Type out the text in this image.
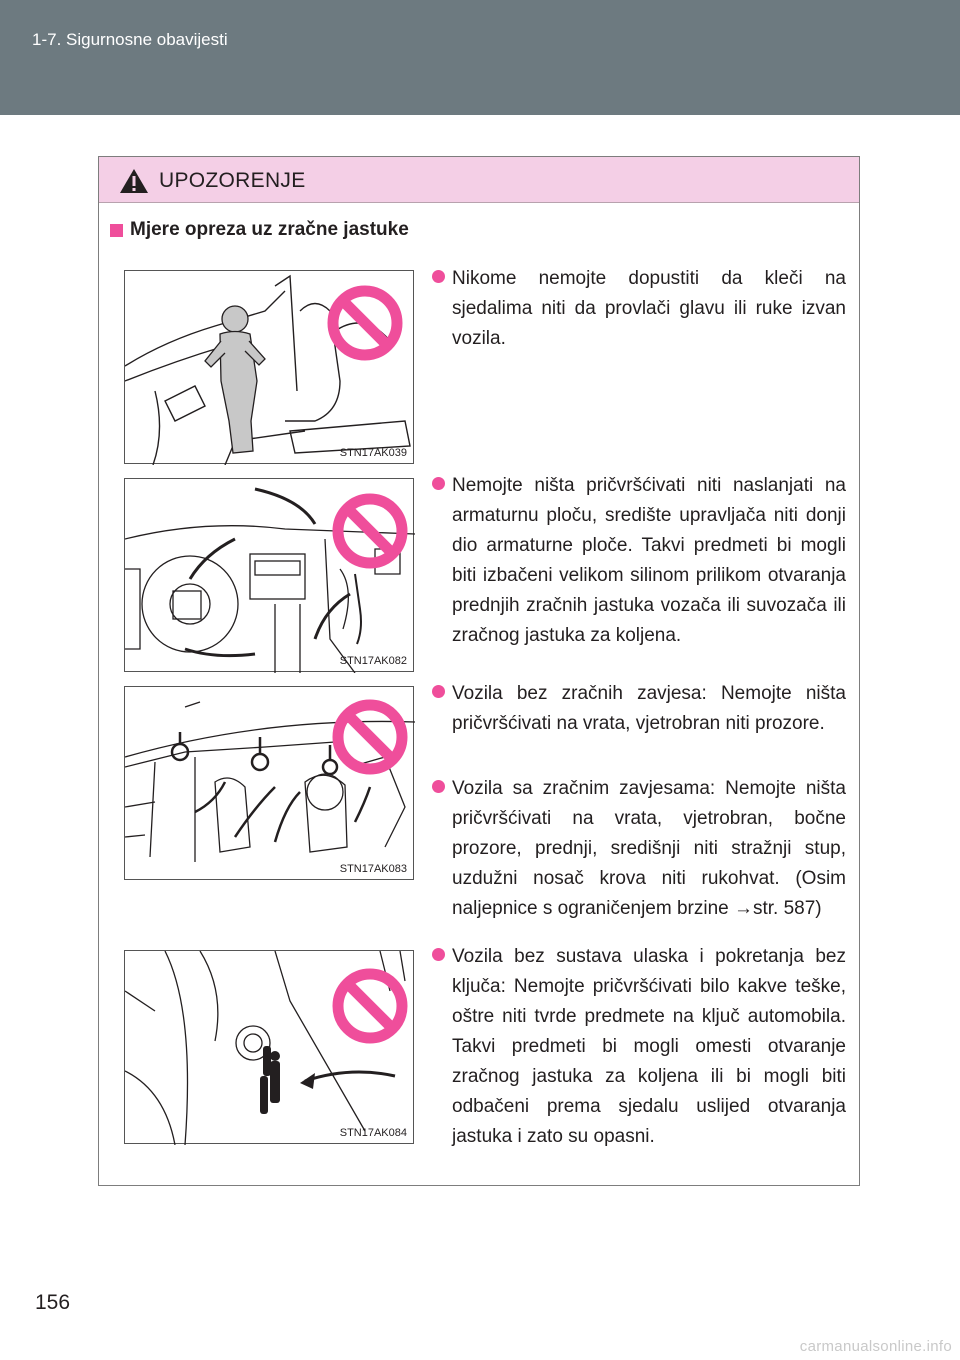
1-7. Sigurnosne obavijesti
UPOZORENJE
Mjere opreza uz zračne jastuke
STN17AK039
STN17AK082
STN17AK083
STN17AK084
Nikome nemojte dopustiti da kleči na sjedalima niti da provlači glavu ili ruke izvan vozila.
Nemojte ništa pričvršćivati niti naslanjati na armaturnu ploču, središte upravljača niti donji dio armaturne ploče. Takvi predmeti bi mogli biti izbačeni velikom silinom prilikom otvaranja prednjih zračnih jastuka vozača ili suvozača ili zračnog jastuka za koljena.
Vozila bez zračnih zavjesa: Nemojte ništa pričvršćivati na vrata, vjetrobran niti prozore.
Vozila sa zračnim zavjesama: Nemojte ništa pričvršćivati na vrata, vjetrobran, bočne prozore, prednji, središnji niti stražnji stup, uzdužni nosač krova niti rukohvat. (Osim naljepnice s ograničenjem brzine →str. 587)
Vozila bez sustava ulaska i pokretanja bez ključa: Nemojte pričvršćivati bilo kakve teške, oštre niti tvrde predmete na ključ automobila. Takvi predmeti bi mogli omesti otvaranje zračnog jastuka za koljena ili bi mogli biti odbačeni prema sjedalu uslijed otvaranja jastuka i zato su opasni.
156
carmanualsonline.info
